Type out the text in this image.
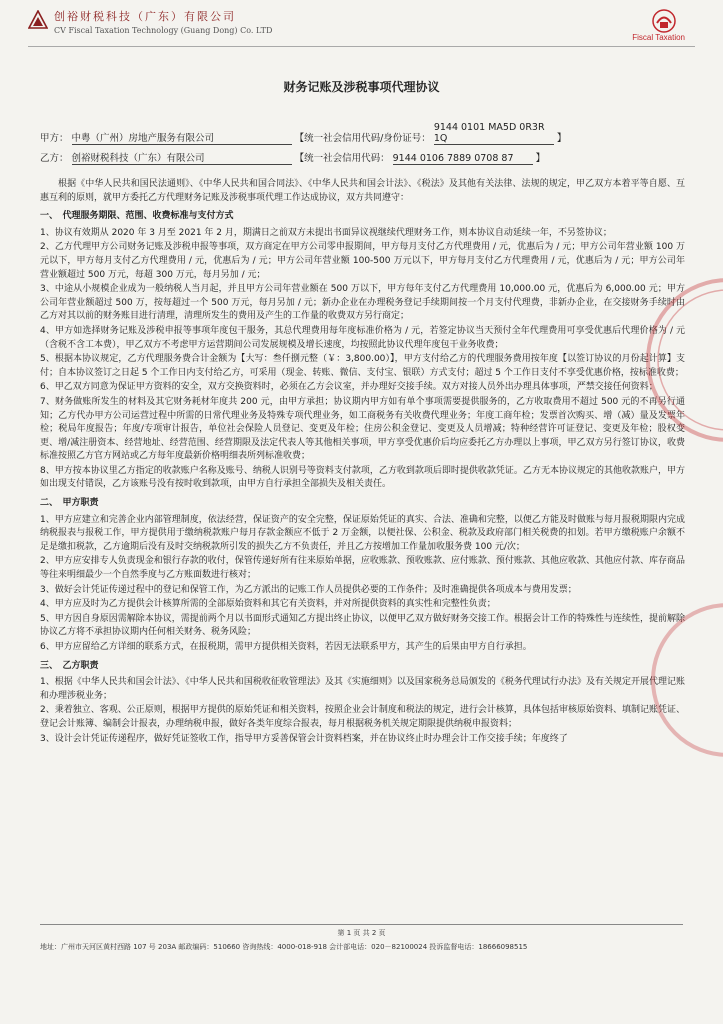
创裕财税科技（广东）有限公司
CV Fiscal Taxation Technology (Guang Dong) Co. LTD
Fiscal Taxation
财务记账及涉税事项代理协议
甲方： 中粤（广州）房地产服务有限公司	【统一社会信用代码/身份证号： 9144 0101 MA5D 0R3R 1Q	】
乙方： 创裕财税科技（广东）有限公司	【统一社会信用代码： 9144 0106 7889 0708 87 】

根据《中华人民共和国民法通则》、《中华人民共和国合同法》、《中华人民共和国会计法》、《税法》及其他有关法律、法规的规定，甲乙双方本着平等自愿、互惠互利的原则，就甲方委托乙方代理财务记账及涉税事项代理工作达成协议，双方共同遵守：

一、　代理服务期限、范围、收费标准与支付方式

1、协议有效期从 2020 年 3 月至 2021 年 2 月，期满日之前双方未提出书面异议视继续代理财务工作，则本协议自动延续一年，不另签协议；

2、乙方代理甲方公司财务记账及涉税申报等事项，双方商定在甲方公司零申报期间，甲方每月支付乙方代理费用 / 元，优惠后为 / 元；甲方公司年营业额 100 万元以下，甲方每月支付乙方代理费用 / 元，优惠后为 / 元；甲方公司年营业额 100-500 万元以下，甲方每月支付乙方代理费用 / 元，优惠后为 / 元；甲方公司年营业额超过 500 万元，每超 300 万元，每月另加 / 元；

3、中途从小规模企业成为一般纳税人当月起，并且甲方公司年营业额在 500 万以下，甲方每年支付乙方代理费用 10,000.00 元，优惠后为 6,000.00 元；甲方公司年营业额超过 500 万，按每超过一个 500 万元，每月另加 / 元；新办企业在办理税务登记手续期间按一个月支付代理费，非新办企业，在交接财务手续时由乙方对其以前的财务账目进行清理，清理所发生的费用及产生的工作量的收费双方另行商定；

4、甲方如选择财务记账及涉税申报等事项年度包干服务，其总代理费用每年度标准价格为 / 元，若签定协议当天预付全年代理费用可享受优惠后代理价格为 / 元（含税不含工本费），甲乙双方不考虑甲方运营期间公司发展规模及增长速度，均按照此协议代理年度包干业务收费；

5、根据本协议规定，乙方代理服务费合计金额为【大写：叁仟捌元整（￥：3,800.00）】，甲方支付给乙方的代理服务费用按年度【以签订协议的月份起计算】支付；自本协议签订之日起 5 个工作日内支付给乙方，可采用（现金、转账、微信、支付宝、银联）方式支付；超过 5 个工作日支付不享受优惠价格，按标准收费；

6、甲乙双方同意为保证甲方资料的安全，双方交换资料时，必须在乙方会议室，并办理好交接手续。双方对接人员外出办理具体事项，严禁交接任何资料；

7、财务做账所发生的材料及其它财务耗材年度共 200 元，由甲方承担；协议期内甲方如有单个事项需要提供服务的，乙方收取费用不超过 500 元的不再另行通知；乙方代办甲方公司运营过程中所需的日常代理业务及特殊专项代理业务，如工商税务有关收费代理业务；年度工商年检；发票首次购买、增（减）量及发票年检；税局年度报告；年度/专项审计报告，单位社会保险人员登记、变更及年检；住房公积金登记、变更及人员增减；特种经营许可证登记、变更及年检；股权变更、增/减注册资本、经营地址、经营范围、经营期限及法定代表人等其他相关事项，甲方享受优惠价后均应委托乙方办理以上事项，甲乙双方另行签订协议，收费标准按照乙方官方网站或乙方每年度最新价格明细表所列标准收费；

8、甲方按本协议里乙方指定的收款账户名称及账号、纳税人识别号等资料支付款项，乙方收到款项后即时提供收款凭证。乙方无本协议规定的其他收款账户，甲方如出现支付错误，乙方该账号没有按时收到款项，由甲方自行承担全部损失及相关责任。

二、　甲方职责

1、甲方应建立和完善企业内部管理制度，依法经营，保证资产的安全完整，保证原始凭证的真实、合法、准确和完整，以便乙方能及时做账与每月报税期限内完成纳税报表与报税工作，甲方提供用于缴纳税款账户每月存款金额应不低于 2 万金额，以便社保、公积金、税款及政府部门相关税费的扣划。若甲方缴税账户余额不足是缴扣税款，乙方逾期后没有及时交纳税款所引发的损失乙方不负责任，并且乙方按增加工作量加收服务费 100 元/次；

2、甲方应安排专人负责现金和银行存款的收付，保管传递好所有往来原始单据，应收账款、预收账款、应付账款、预付账款、其他应收款、其他应付款、库存商品等往来明细最少一个自然季度与乙方账面数进行核对；

3、做好会计凭证传递过程中的登记和保管工作，为乙方派出的记账工作人员提供必要的工作条件；及时准确提供各项成本与费用发票；

4、甲方应及时为乙方提供会计核算所需的全部原始资料和其它有关资料，并对所提供资料的真实性和完整性负责；

5、甲方因自身原因需解除本协议，需提前两个月以书面形式通知乙方提出终止协议，以便甲乙双方做好财务交接工作。根据会计工作的特殊性与连续性，提前解除协议乙方将不承担协议期内任何相关财务、税务风险；

6、甲方应留给乙方详细的联系方式，在报税期，需甲方提供相关资料，若因无法联系甲方，其产生的后果由甲方自行承担。

三、　乙方职责

1、根据《中华人民共和国会计法》、《中华人民共和国税收征收管理法》及其《实施细则》以及国家税务总局颁发的《税务代理试行办法》及有关规定开展代理记账和办理涉税业务；

2、秉着独立、客观、公正原则，根据甲方提供的原始凭证和相关资料，按照企业会计制度和税法的规定，进行会计核算，具体包括审核原始资料、填制记账凭证、登记会计账簿、编制会计报表，办理纳税申报，做好各类年度综合报表，每月根据税务机关规定期限提供纳税申报资料；

3、设计会计凭证传递程序，做好凭证签收工作，指导甲方妥善保管会计资料档案，并在协议终止时办理会计工作交接手续；年度终了

第 1 页 共 2 页
地址：广州市天河区黄村西路 107 号 203A 邮政编码：510660 咨询热线：4000-018-918 会计部电话：020－82100024 投诉监督电话：18666098515
